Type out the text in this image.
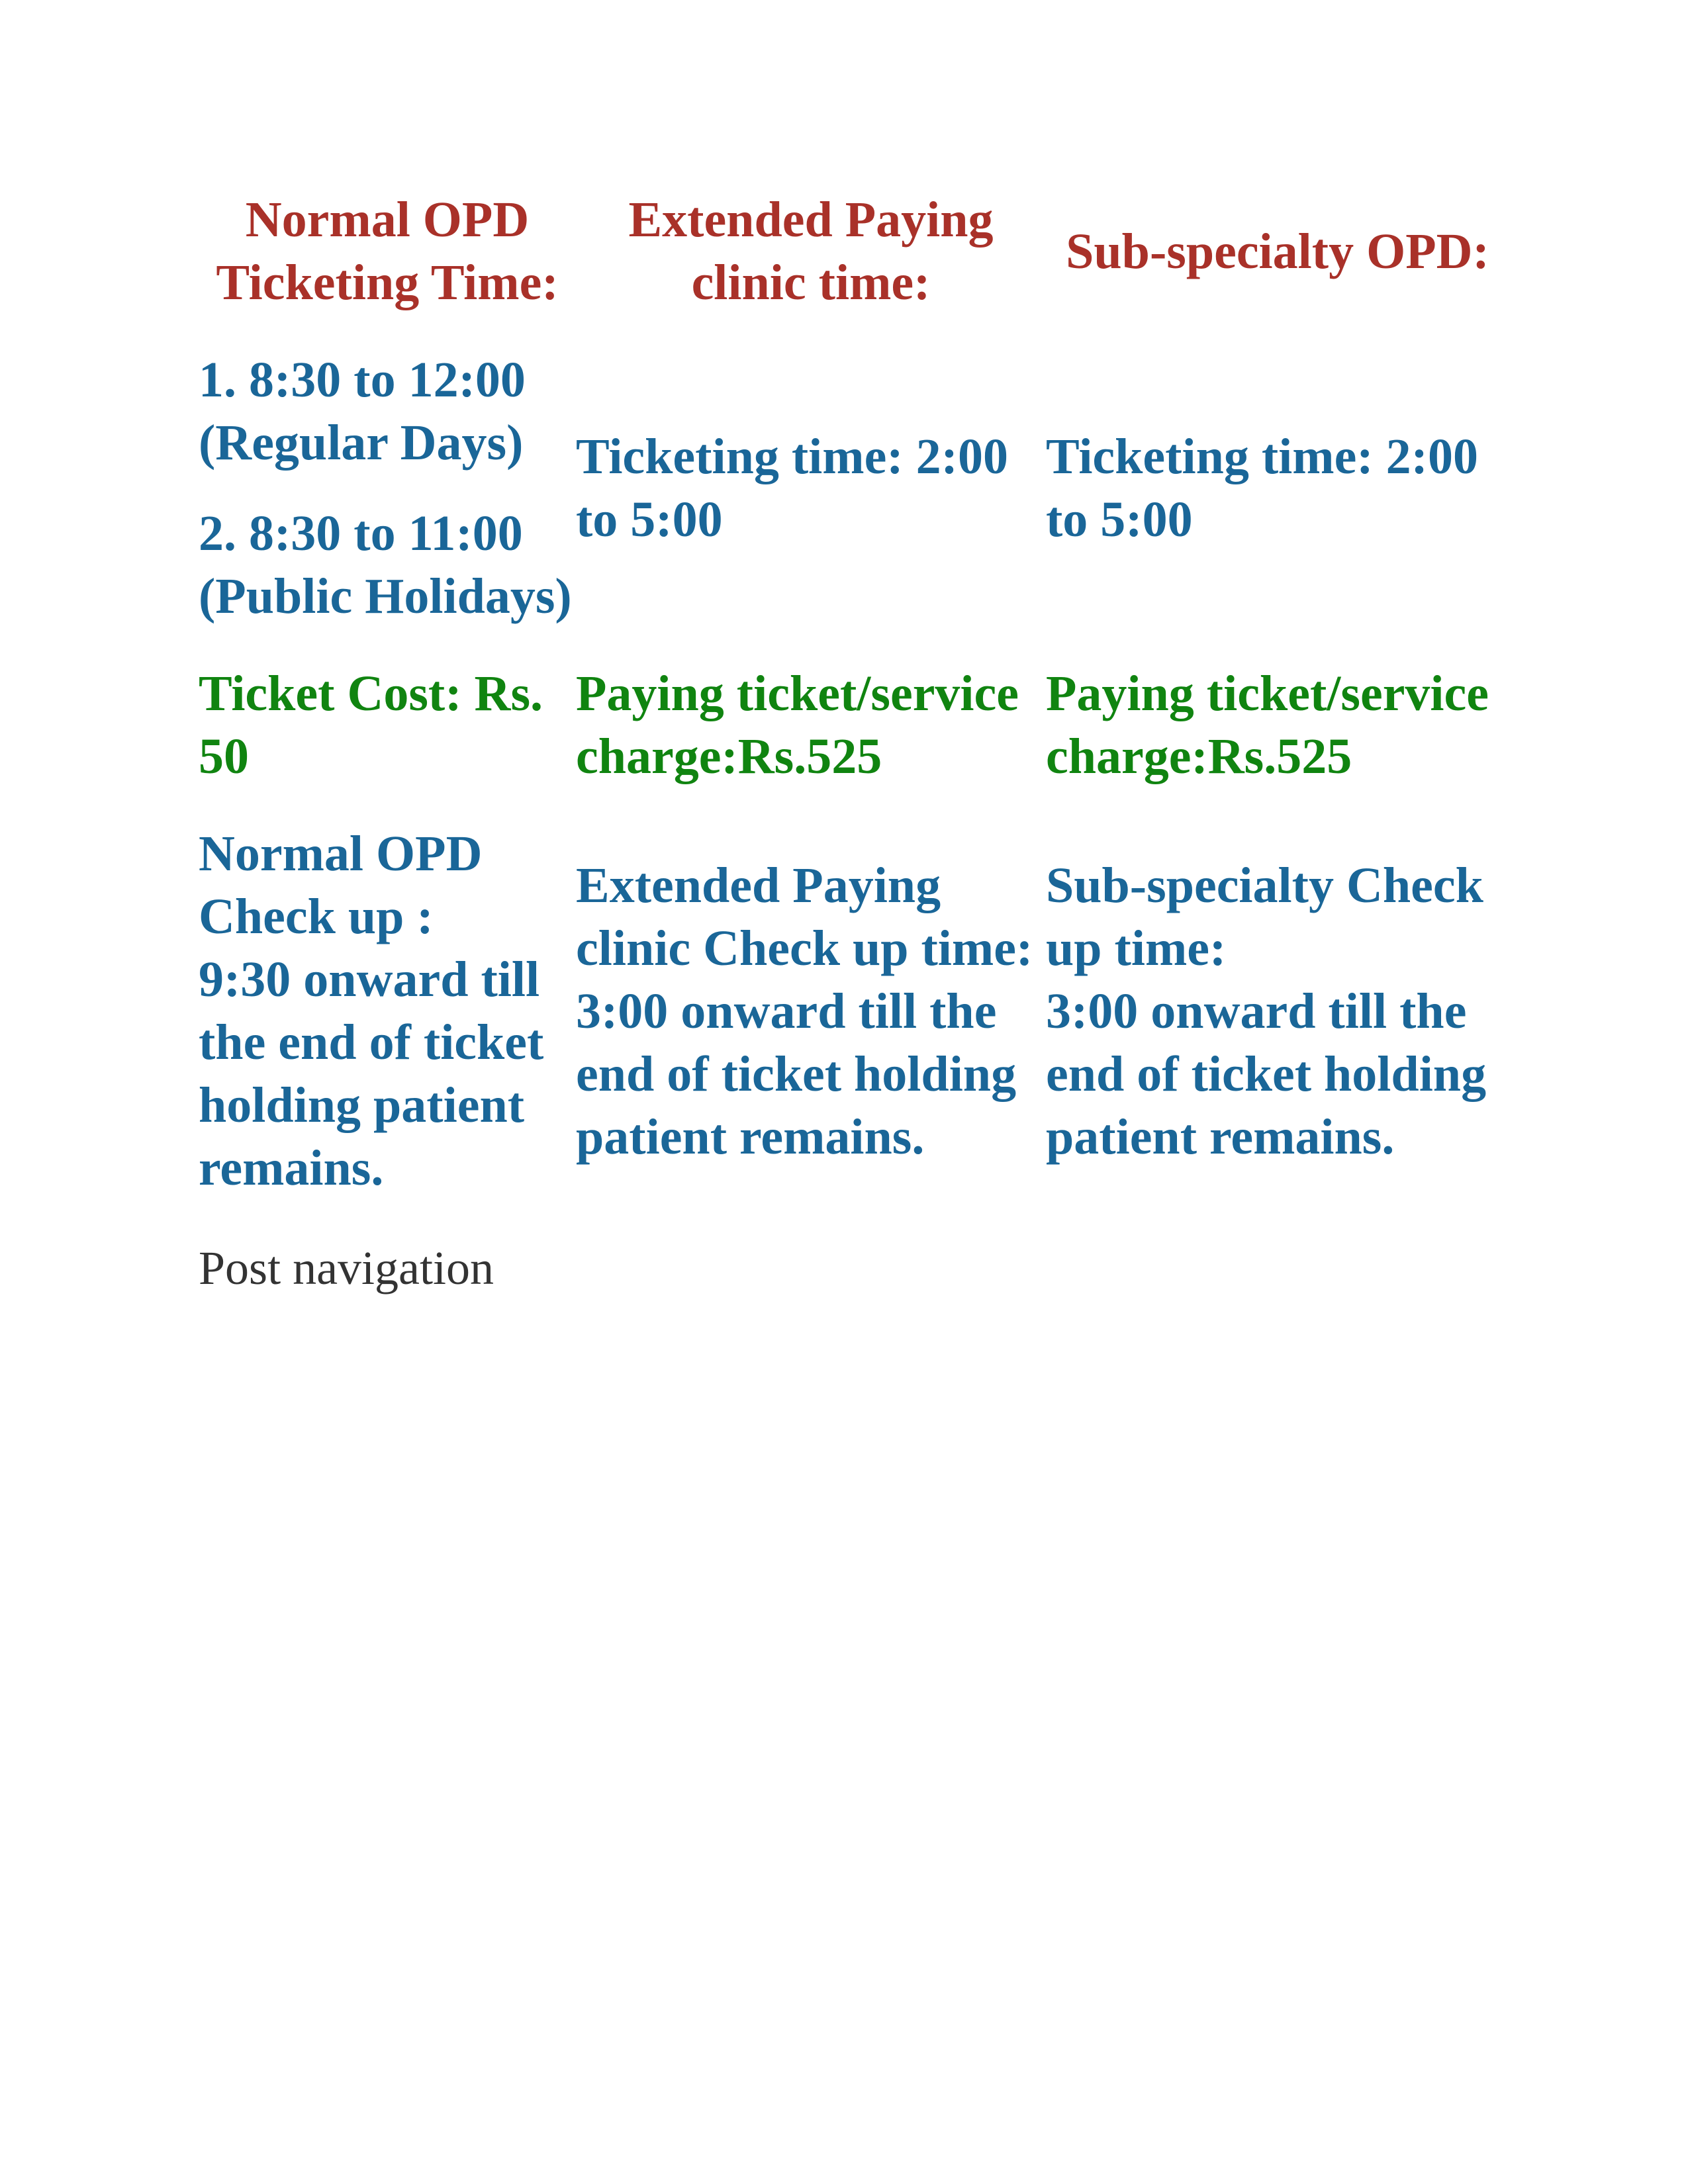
Normal OPD Ticketing Time:
Extended Paying clinic time:
Sub-specialty OPD:

1. 8:30 to 12:00 (Regular Days)

2. 8:30 to 11:00 (Public Holidays)

Ticketing time: 2:00 to 5:00
Ticketing time: 2:00 to 5:00
Ticket Cost: Rs. 50
Paying ticket/service charge:Rs.525
Paying ticket/service charge:Rs.525
Normal OPD Check up :
9:30 onward till the end of ticket holding patient remains.
Extended Paying clinic Check up time:
3:00 onward till the end of ticket holding patient remains.
Sub-specialty Check up time:
3:00 onward till the end of ticket holding patient remains.
Post navigation
